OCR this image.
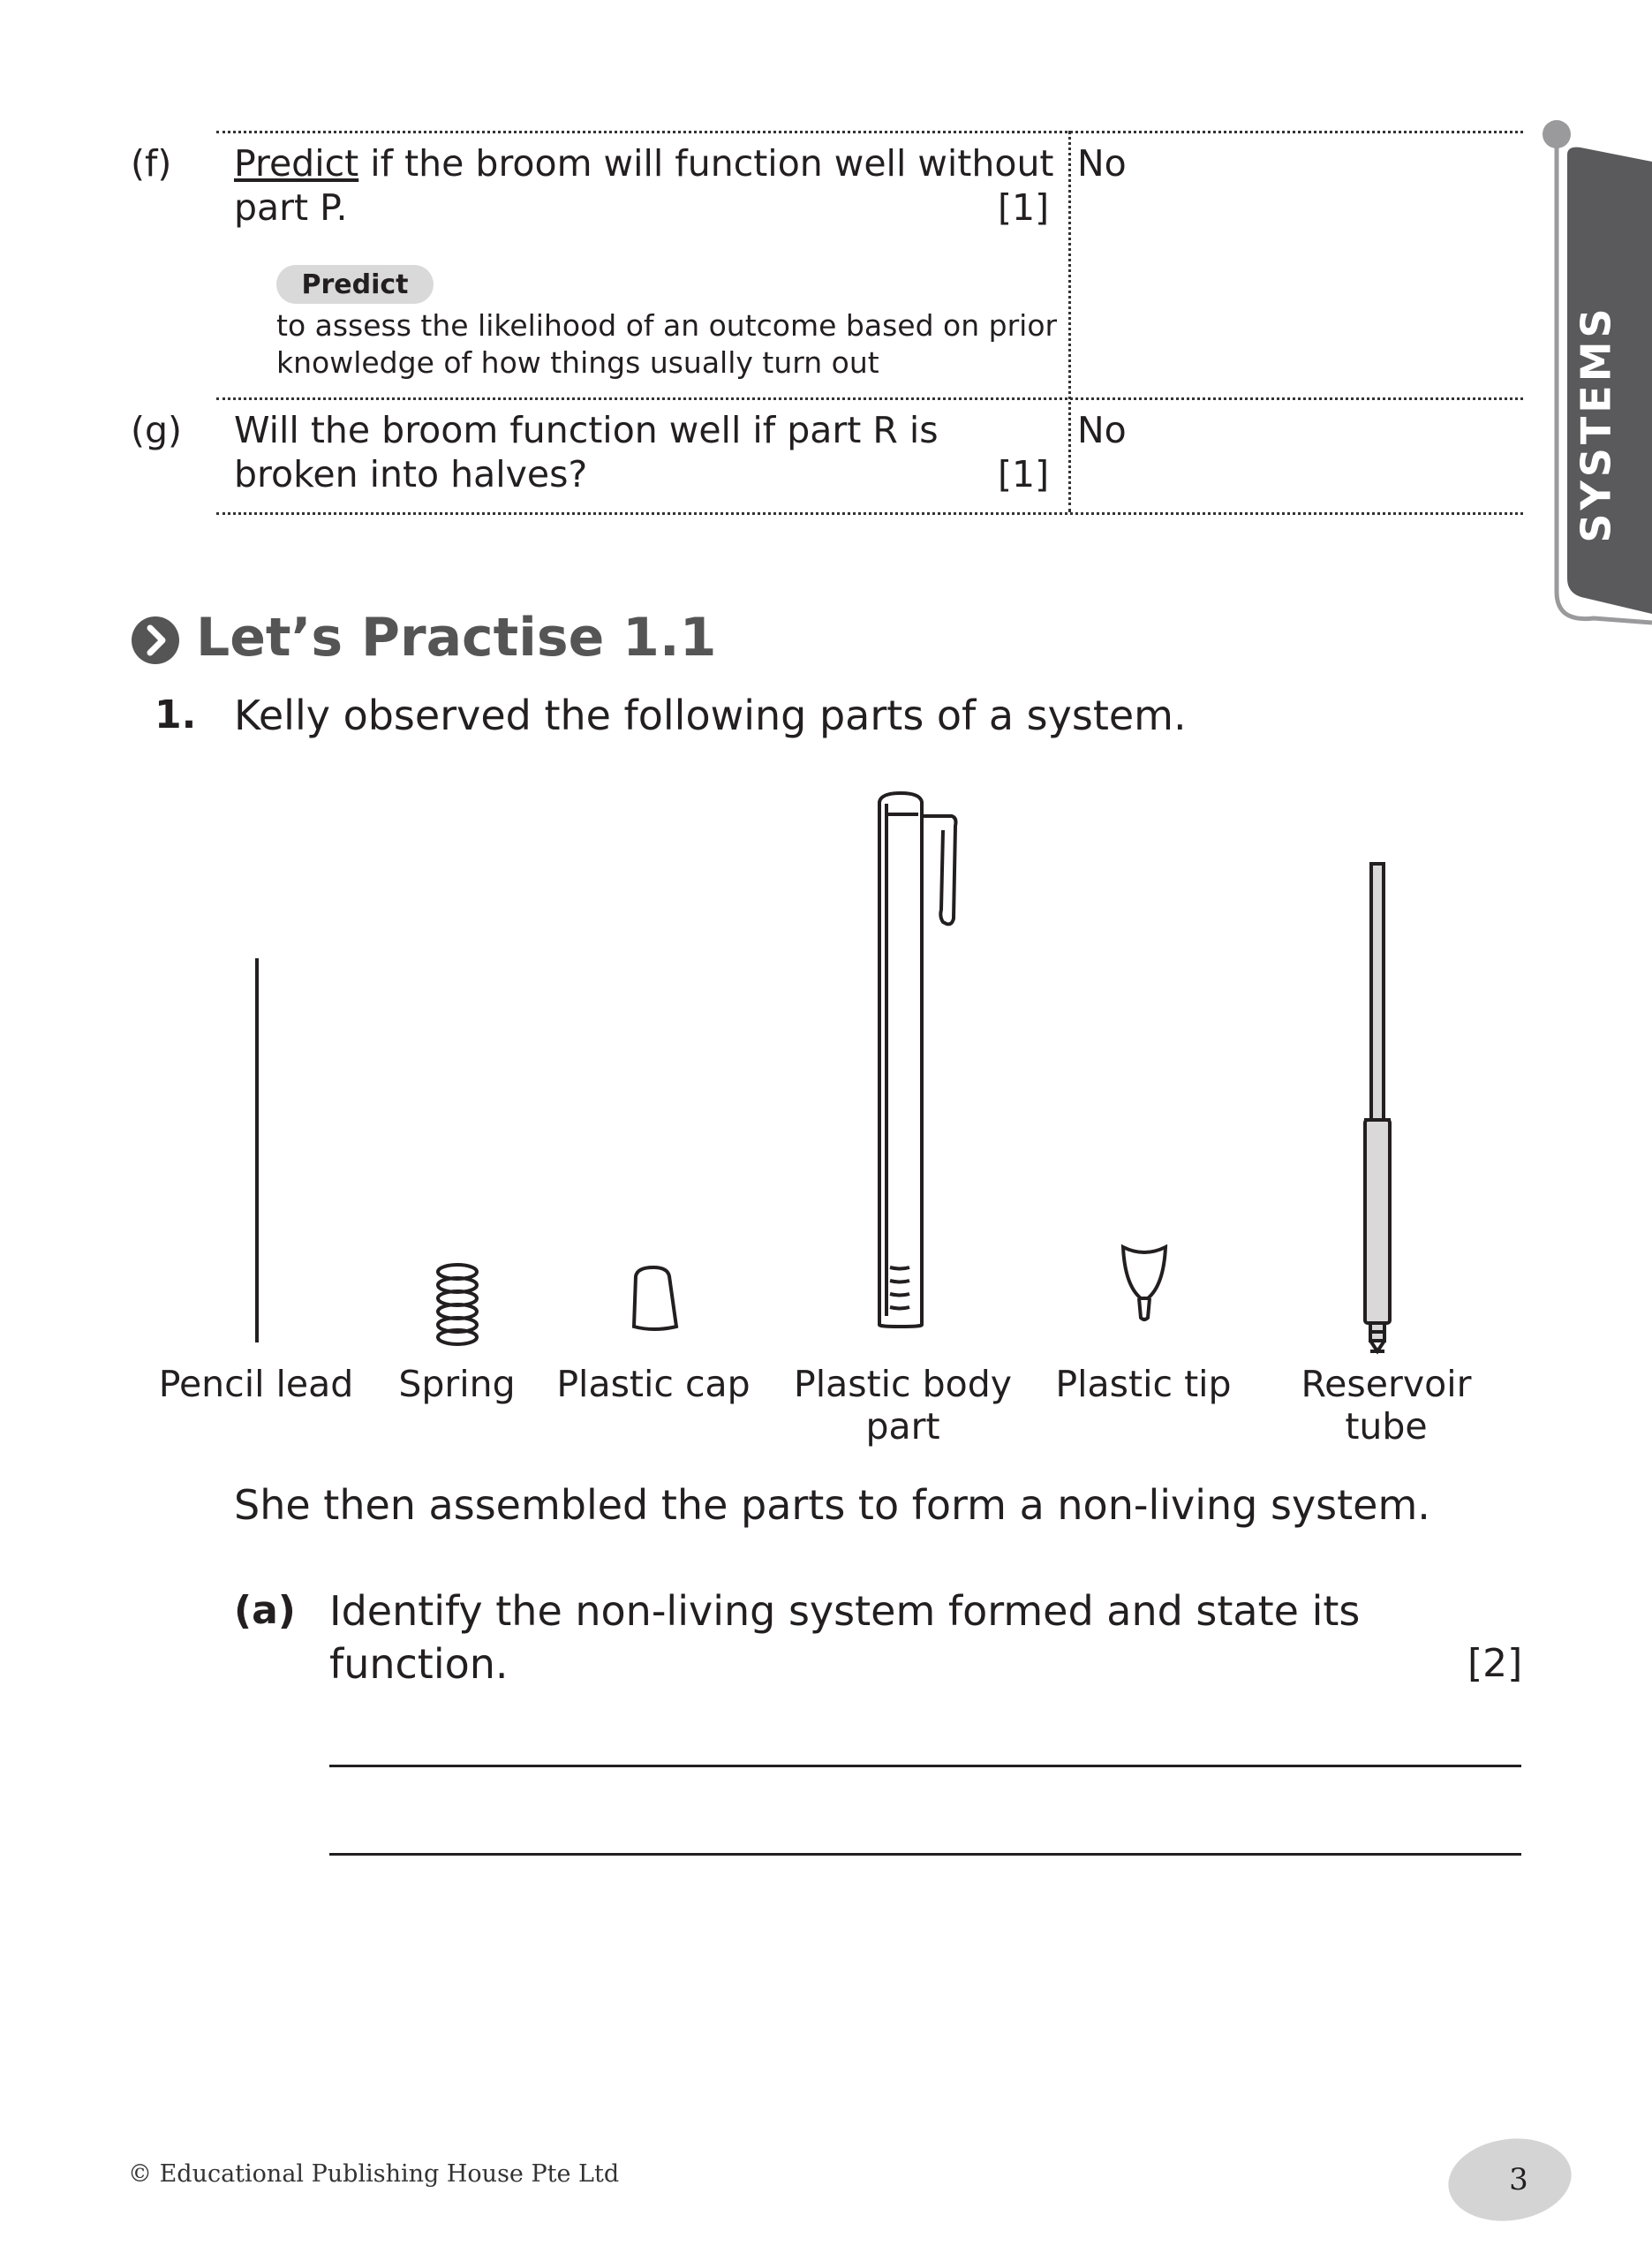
SYSTEMS
(f) Predict if the broom will function well without
part P.	[1]
No
Predict
to assess the likelihood of an outcome based on prior
knowledge of how things usually turn out
(g) Will the broom function well if part R is
broken into halves?	[1]
No
Let’s Practise 1.1
1. Kelly observed the following parts of a system.
Pencil lead	Spring	Plastic cap	Plastic body
part
Plastic tip	Reservoir
tube
She then assembled the parts to form a non-living system.
(a) Identify the non-living system formed and state its
function.	[2]
© Educational Publishing House Pte Ltd	3
